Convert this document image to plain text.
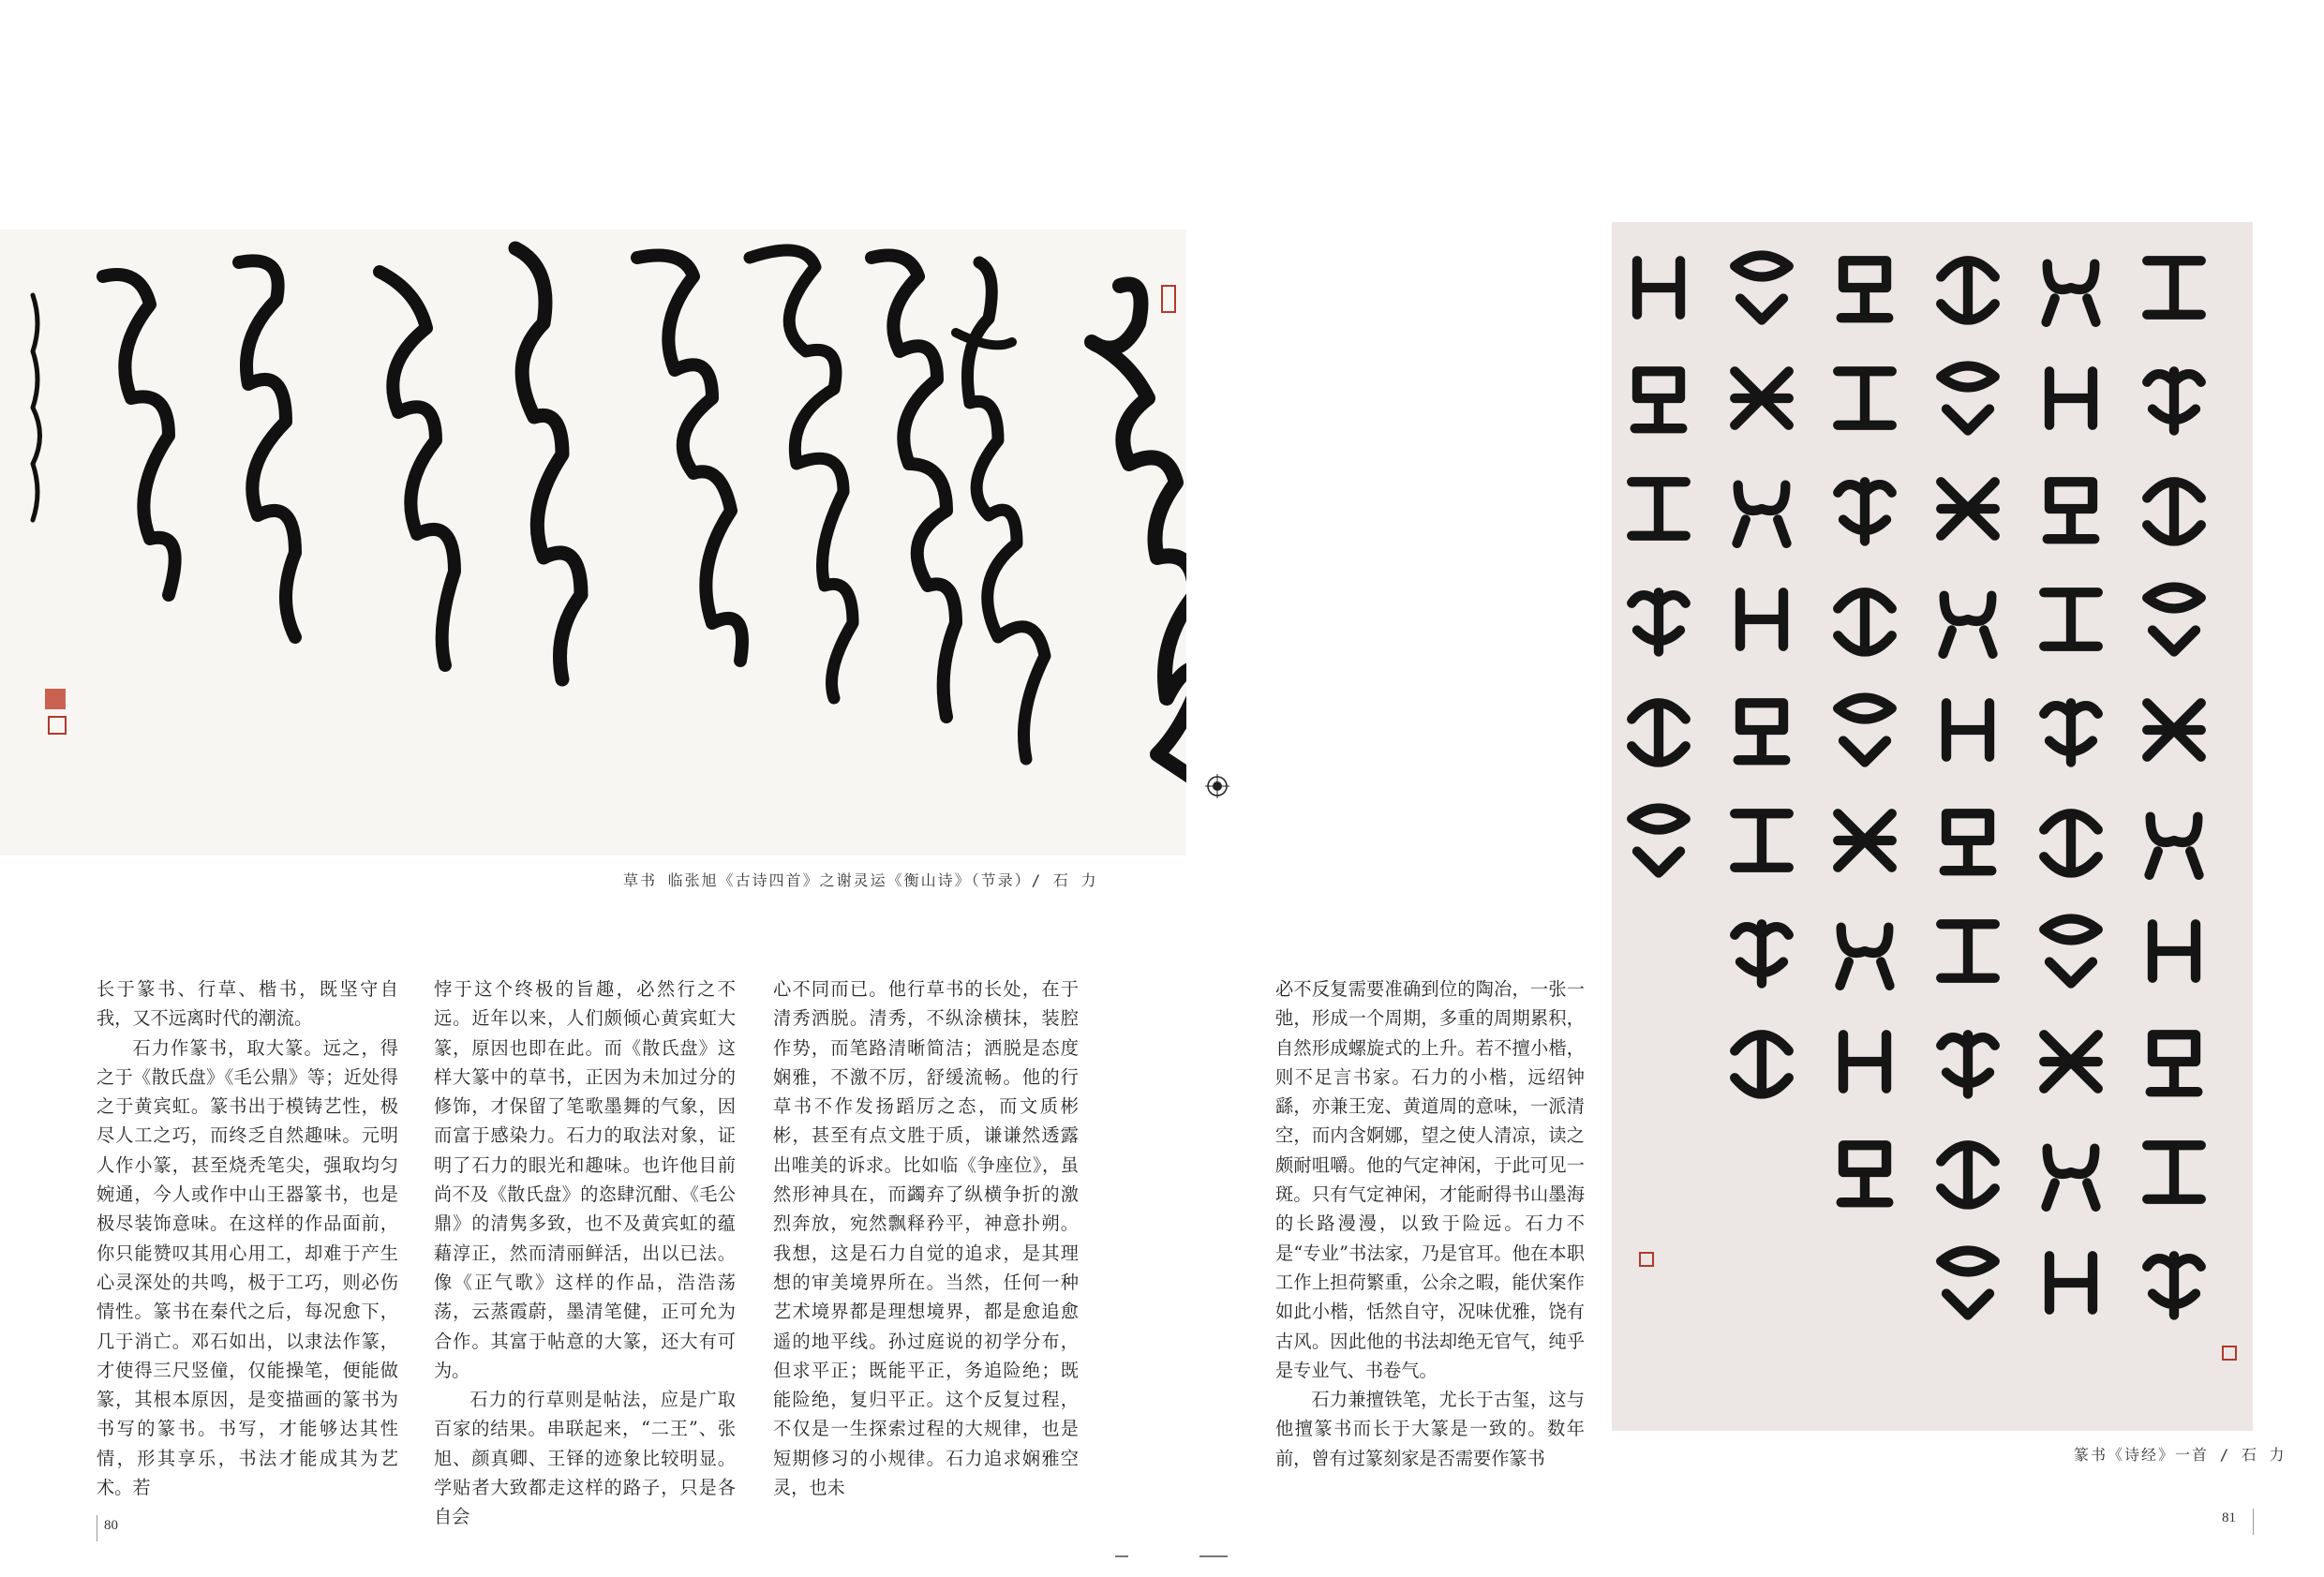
草书 临张旭《古诗四首》之谢灵运《衡山诗》（节录）/ 石 力
篆书《诗经》一首 / 石 力

长于篆书、行草、楷书，既坚守自我，又不远离时代的潮流。

石力作篆书，取大篆。远之，得之于《散氏盘》《毛公鼎》等；近处得之于黄宾虹。篆书出于模铸艺性，极尽人工之巧，而终乏自然趣味。元明人作小篆，甚至烧秃笔尖，强取均匀婉通，今人或作中山王器篆书，也是极尽装饰意味。在这样的作品面前，你只能赞叹其用心用工，却难于产生心灵深处的共鸣，极于工巧，则必伤情性。篆书在秦代之后，每况愈下，几于消亡。邓石如出，以隶法作篆，才使得三尺竖僮，仅能操笔，便能做篆，其根本原因，是变描画的篆书为书写的篆书。书写，才能够达其性情，形其享乐，书法才能成其为艺术。若

悖于这个终极的旨趣，必然行之不远。近年以来，人们颇倾心黄宾虹大篆，原因也即在此。而《散氏盘》这样大篆中的草书，正因为未加过分的修饰，才保留了笔歌墨舞的气象，因而富于感染力。石力的取法对象，证明了石力的眼光和趣味。也许他目前尚不及《散氏盘》的恣肆沉酣、《毛公鼎》的清隽多致，也不及黄宾虹的蕴藉淳正，然而清丽鲜活，出以已法。像《正气歌》这样的作品，浩浩荡荡，云蒸霞蔚，墨清笔健，正可允为合作。其富于帖意的大篆，还大有可为。

石力的行草则是帖法，应是广取百家的结果。串联起来，“二王”、张旭、颜真卿、王铎的迹象比较明显。学贴者大致都走这样的路子，只是各自会

心不同而已。他行草书的长处，在于清秀洒脱。清秀，不纵涂横抹，装腔作势，而笔路清晰简洁；洒脱是态度娴雅，不激不厉，舒缓流畅。他的行草书不作发扬蹈厉之态，而文质彬彬，甚至有点文胜于质，谦谦然透露出唯美的诉求。比如临《争座位》，虽然形神具在，而蠲弃了纵横争折的激烈奔放，宛然飘释矜平，神意扑朔。我想，这是石力自觉的追求，是其理想的审美境界所在。当然，任何一种艺术境界都是理想境界，都是愈追愈遥的地平线。孙过庭说的初学分布，但求平正；既能平正，务追险绝；既能险绝，复归平正。这个反复过程，不仅是一生探索过程的大规律，也是短期修习的小规律。石力追求娴雅空灵，也未

必不反复需要准确到位的陶冶，一张一弛，形成一个周期，多重的周期累积，自然形成螺旋式的上升。若不擅小楷，则不足言书家。石力的小楷，远绍钟繇，亦兼王宠、黄道周的意味，一派清空，而内含婀娜，望之使人清凉，读之颇耐咀嚼。他的气定神闲，于此可见一斑。只有气定神闲，才能耐得书山墨海的长路漫漫，以致于险远。石力不是“专业”书法家，乃是官耳。他在本职工作上担荷繁重，公余之暇，能伏案作如此小楷，恬然自守，况味优雅，饶有古风。因此他的书法却绝无官气，纯乎是专业气、书卷气。

石力兼擅铁笔，尤长于古玺，这与他擅篆书而长于大篆是一致的。数年前，曾有过篆刻家是否需要作篆书

80	81
